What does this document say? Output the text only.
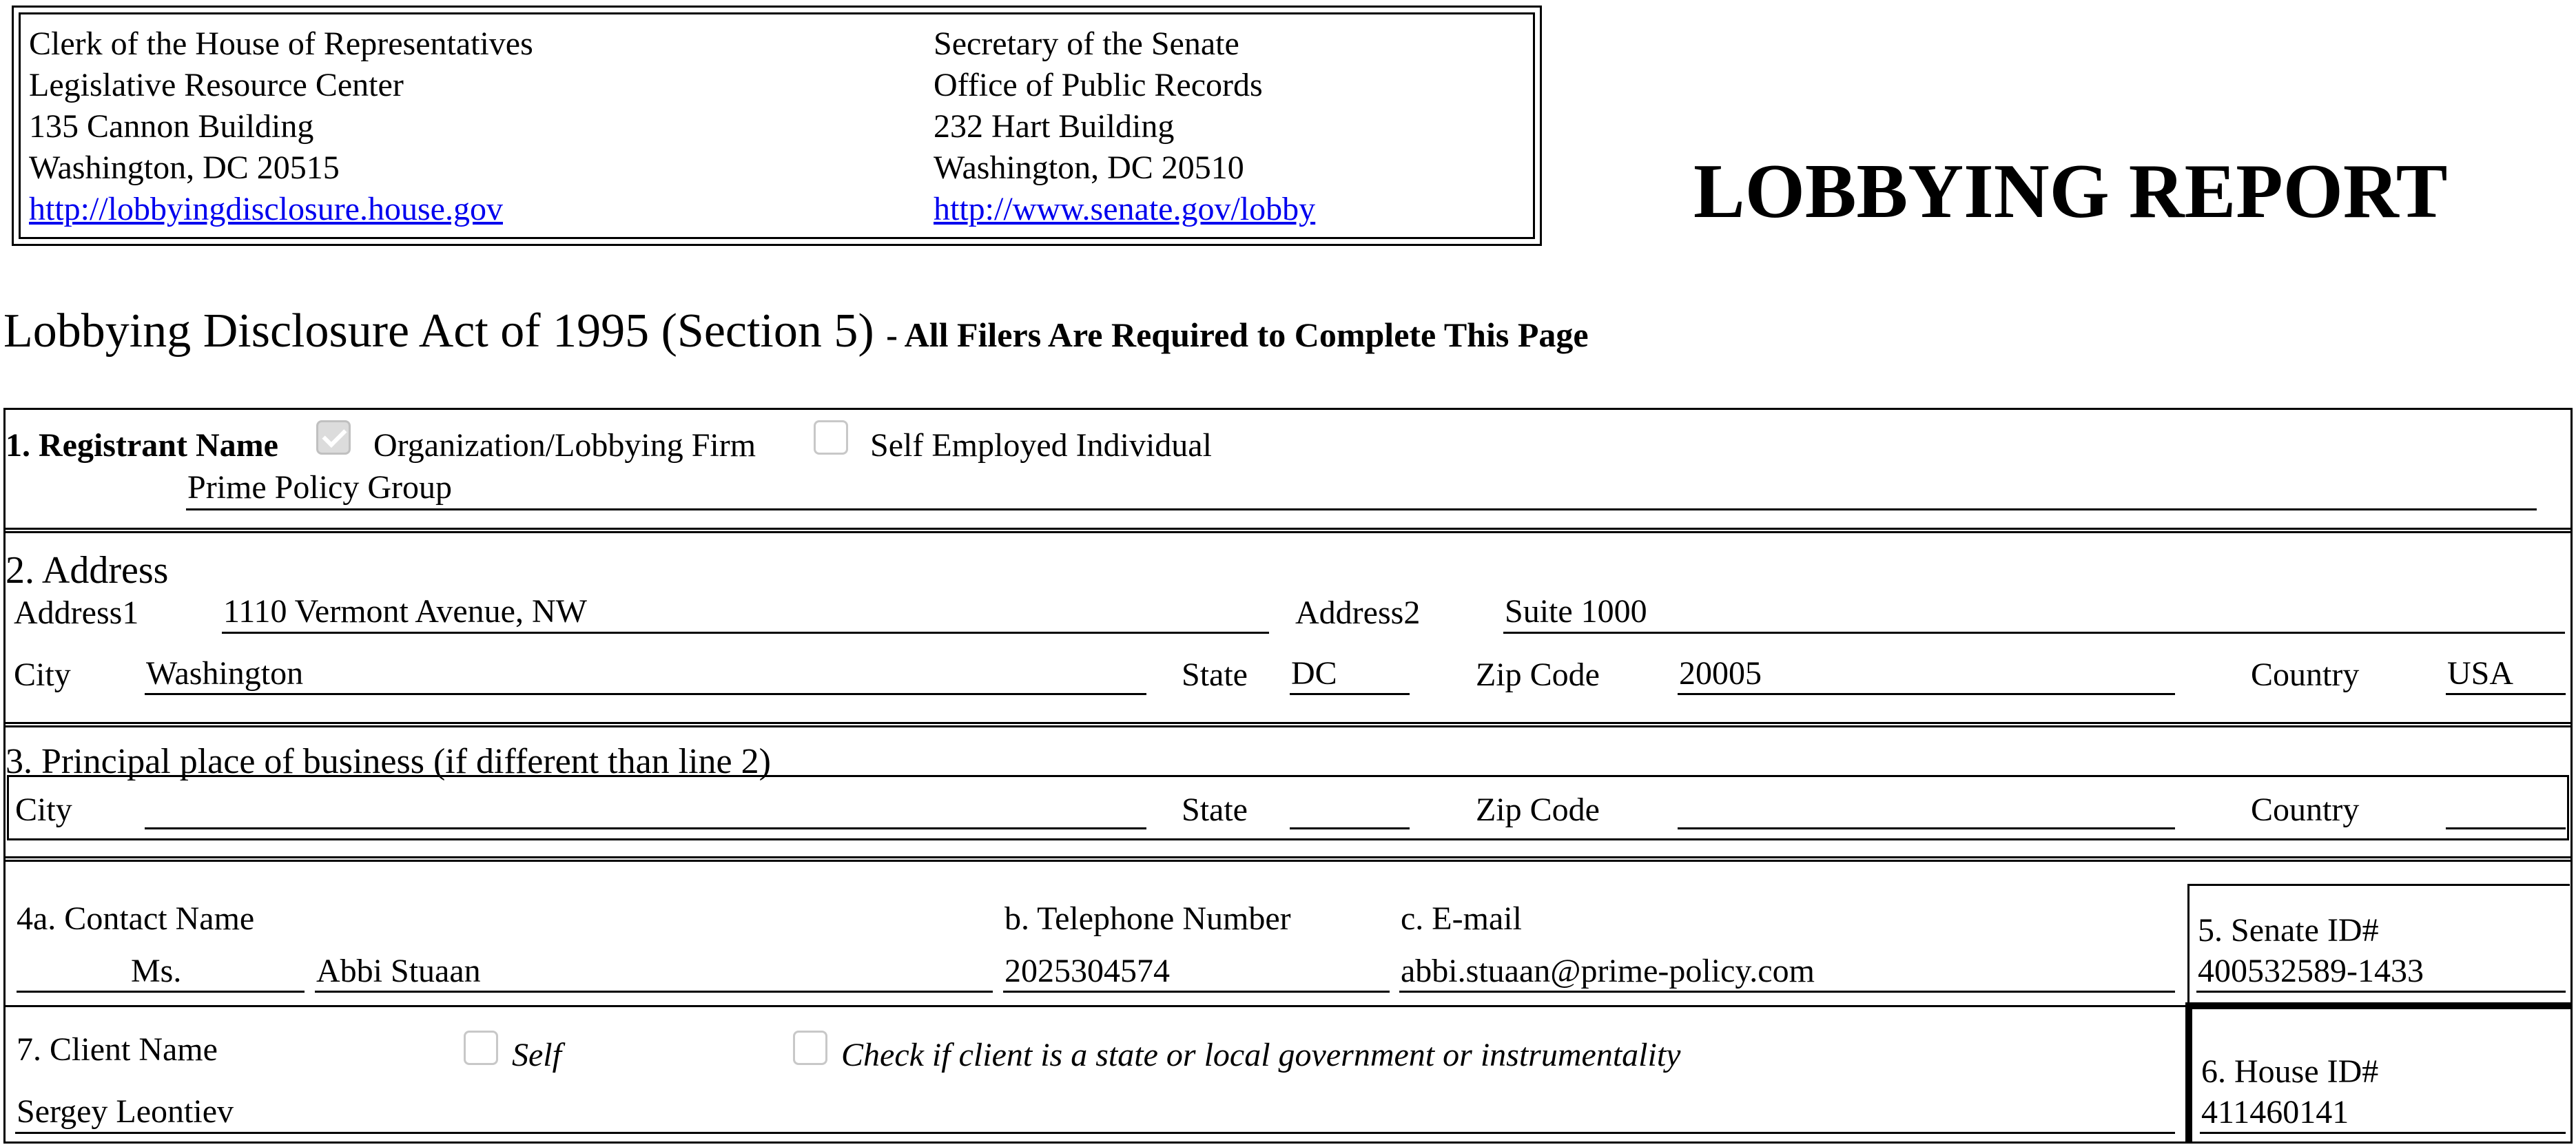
Clerk of the House of Representatives
Legislative Resource Center
135 Cannon Building
Washington, DC 20515
http://lobbyingdisclosure.house.gov
Secretary of the Senate
Office of Public Records
232 Hart Building
Washington, DC 20510
http://www.senate.gov/lobby	LOBBYING REPORT
Lobbying Disclosure Act of 1995 (Section 5) - All Filers Are Required to Complete This Page
1. Registrant Name	Organization/Lobbying Firm	Self Employed Individual
Prime Policy Group
2. Address
Address1	1110 Vermont Avenue, NW	Address2	Suite 1000
City Washington	State DC	Zip Code 20005	Country	USA
3. Principal place of business (if different than line 2)
City	State	Zip Code	Country
4a. Contact Name
Ms.	Abbi Stuaan
b. Telephone Number
2025304574
c. E-mail
abbi.stuaan@prime-policy.com
5. Senate ID#
400532589-1433
7. Client Name	Self	Check if client is a state or local government or instrumentality
Sergey Leontiev
6. House ID#
411460141
